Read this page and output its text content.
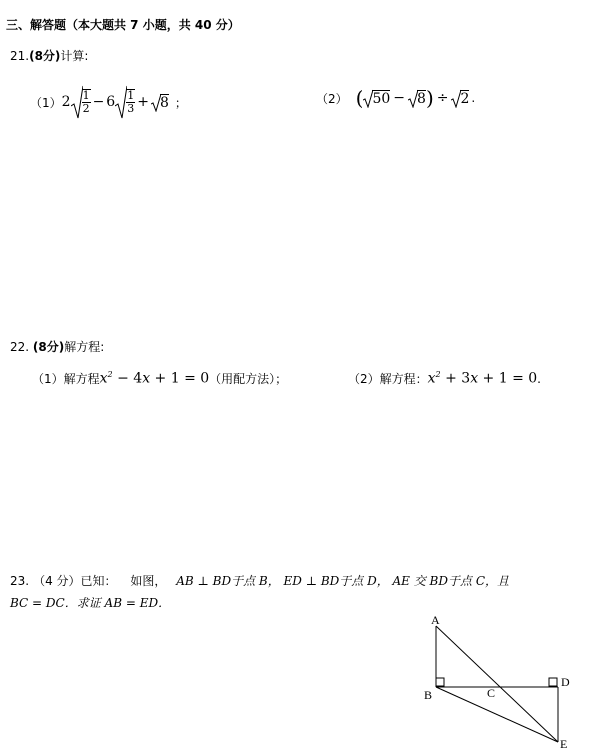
三、解答题（本大题共 7 小题，共 40 分）
21.(8分)计算:
（1） $2 \frac{1}{2} - 6 \frac{1}{3} + 8$ ；	（2） ( 50 − 8 ) ÷ 2 .
22. (8分)解方程:
（1）解方程 $x^2 - 4x + 1 = 0$ （用配方法）；	（2）解方程： $x^2 + 3x + 1 = 0$ .
23. （4 分）已知： 如图， AB ⊥ BD于点 B， ED ⊥ BD于点 D， AE 交 BD于点 C，且
BC = DC．求证 AB = ED．
A
B	C
D
E
